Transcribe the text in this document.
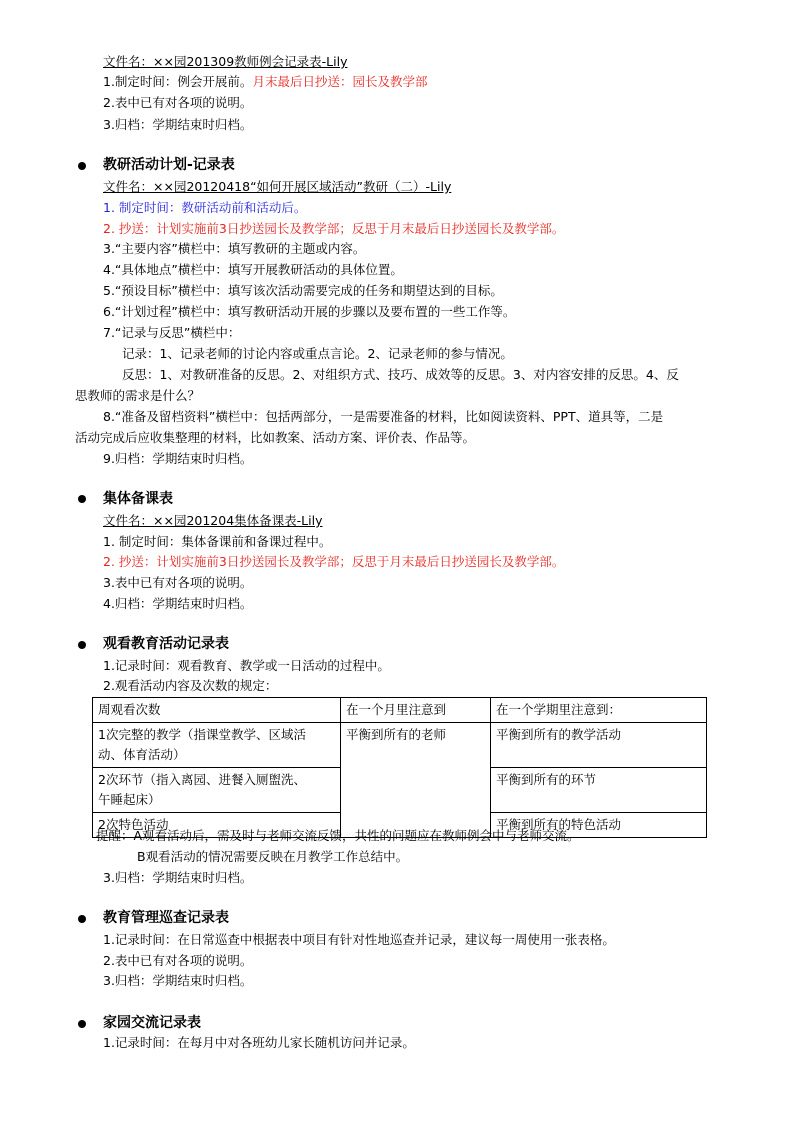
文件名：××园201309教师例会记录表-Lily
1.制定时间：例会开展前。月末最后日抄送：园长及教学部
2.表中已有对各项的说明。
3.归档：学期结束时归档。
教研活动计划-记录表
文件名：××园20120418“如何开展区域活动”教研（二）-Lily
1. 制定时间：教研活动前和活动后。
2. 抄送：计划实施前3日抄送园长及教学部；反思于月末最后日抄送园长及教学部。
3.“主要内容”横栏中：填写教研的主题或内容。
4.“具体地点”横栏中：填写开展教研活动的具体位置。
5.“预设目标”横栏中：填写该次活动需要完成的任务和期望达到的目标。
6.“计划过程”横栏中：填写教研活动开展的步骤以及要布置的一些工作等。
7.“记录与反思”横栏中：
记录：1、记录老师的讨论内容或重点言论。2、记录老师的参与情况。
反思：1、对教研准备的反思。2、对组织方式、技巧、成效等的反思。3、对内容安排的反思。4、反
思教师的需求是什么？
8.“准备及留档资料”横栏中：包括两部分，一是需要准备的材料，比如阅读资料、PPT、道具等，二是
活动完成后应收集整理的材料，比如教案、活动方案、评价表、作品等。
9.归档：学期结束时归档。
集体备课表
文件名：××园201204集体备课表-Lily
1. 制定时间：集体备课前和备课过程中。
2. 抄送：计划实施前3日抄送园长及教学部；反思于月末最后日抄送园长及教学部。
3.表中已有对各项的说明。
4.归档：学期结束时归档。
观看教育活动记录表
1.记录时间：观看教育、教学或一日活动的过程中。
2.观看活动内容及次数的规定：
周观看次数	在一个月里注意到	在一个学期里注意到：

1次完整的教学（指课堂教学、区域活
动、体育活动）	平衡到所有的老师	平衡到所有的教学活动

2次环节（指入离园、进餐入厕盥洗、
午睡起床）		平衡到所有的环节
2次特色活动		平衡到所有的特色活动
提醒：A观看活动后，需及时与老师交流反馈，共性的问题应在教师例会中与老师交流。
B观看活动的情况需要反映在月教学工作总结中。
3.归档：学期结束时归档。
教育管理巡查记录表
1.记录时间：在日常巡查中根据表中项目有针对性地巡查并记录，建议每一周使用一张表格。
2.表中已有对各项的说明。
3.归档：学期结束时归档。
家园交流记录表
1.记录时间：在每月中对各班幼儿家长随机访问并记录。
